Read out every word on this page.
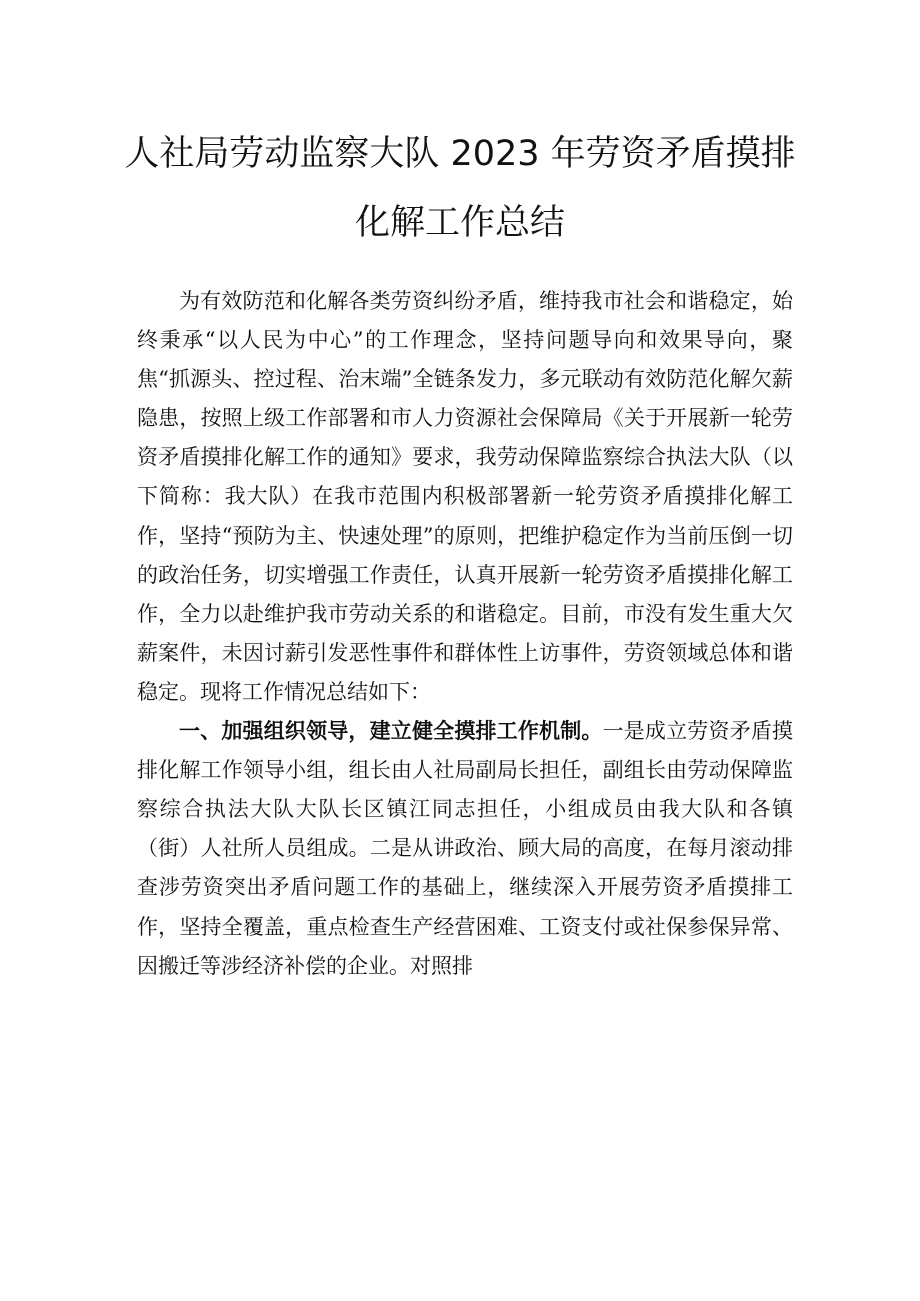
人社局劳动监察大队 2023 年劳资矛盾摸排
化解工作总结

为有效防范和化解各类劳资纠纷矛盾，维持我市社会和谐稳定，始终秉承“以人民为中心”的工作理念，坚持问题导向和效果导向，聚焦“抓源头、控过程、治末端”全链条发力，多元联动有效防范化解欠薪隐患，按照上级工作部署和市人力资源社会保障局《关于开展新一轮劳资矛盾摸排化解工作的通知》要求，我劳动保障监察综合执法大队（以下简称：我大队）在我市范围内积极部署新一轮劳资矛盾摸排化解工作，坚持“预防为主、快速处理”的原则，把维护稳定作为当前压倒一切的政治任务，切实增强工作责任，认真开展新一轮劳资矛盾摸排化解工作，全力以赴维护我市劳动关系的和谐稳定。目前，市没有发生重大欠薪案件，未因讨薪引发恶性事件和群体性上访事件，劳资领域总体和谐稳定。现将工作情况总结如下：

一、加强组织领导，建立健全摸排工作机制。一是成立劳资矛盾摸排化解工作领导小组，组长由人社局副局长担任，副组长由劳动保障监察综合执法大队大队长区镇江同志担任，小组成员由我大队和各镇（街）人社所人员组成。二是从讲政治、顾大局的高度，在每月滚动排查涉劳资突出矛盾问题工作的基础上，继续深入开展劳资矛盾摸排工作，坚持全覆盖，重点检查生产经营困难、工资支付或社保参保异常、因搬迁等涉经济补偿的企业。对照排
